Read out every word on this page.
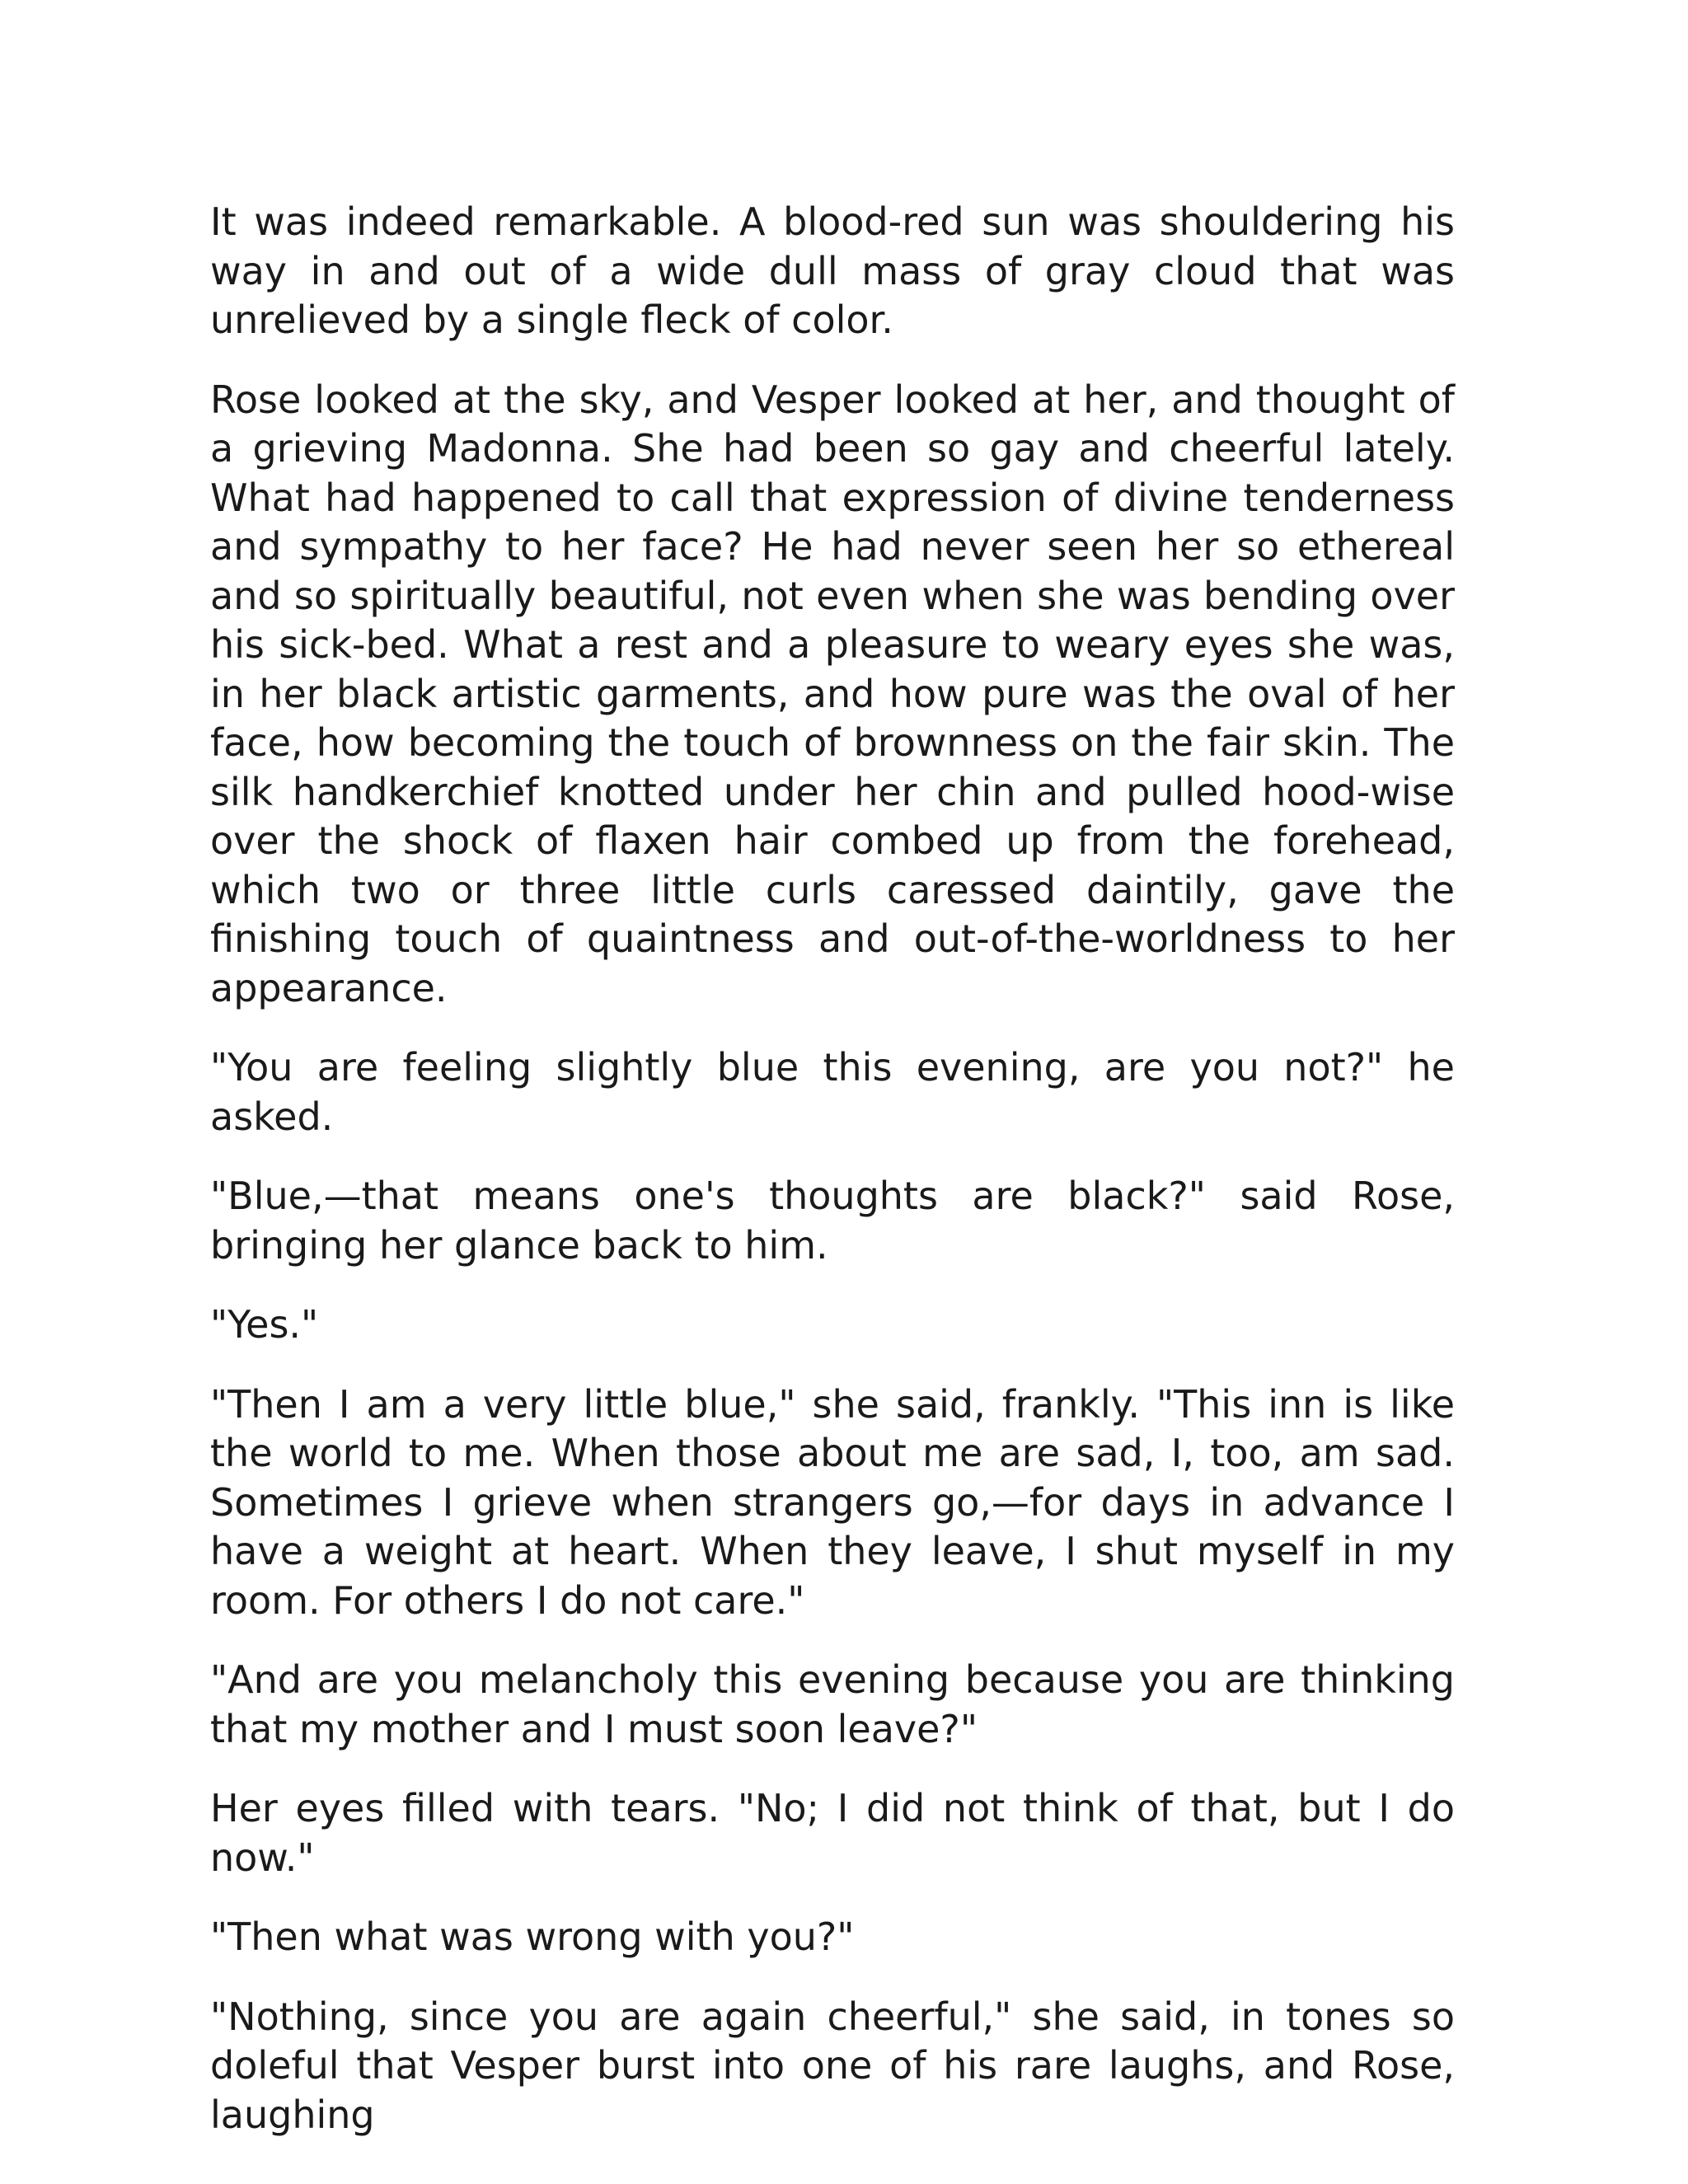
It was indeed remarkable. A blood-red sun was shouldering his way in and out of a wide dull mass of gray cloud that was unrelieved by a single fleck of color.

Rose looked at the sky, and Vesper looked at her, and thought of a grieving Madonna. She had been so gay and cheerful lately. What had happened to call that expression of divine tenderness and sympathy to her face? He had never seen her so ethereal and so spiritually beautiful, not even when she was bending over his sick-bed. What a rest and a pleasure to weary eyes she was, in her black artistic garments, and how pure was the oval of her face, how becoming the touch of brownness on the fair skin. The silk handkerchief knotted under her chin and pulled hood-wise over the shock of flaxen hair combed up from the forehead, which two or three little curls caressed daintily, gave the finishing touch of quaintness and out-of-the-worldness to her appearance.

"You are feeling slightly blue this evening, are you not?" he asked.

"Blue,—that means one's thoughts are black?" said Rose, bringing her glance back to him.

"Yes."

"Then I am a very little blue," she said, frankly. "This inn is like the world to me. When those about me are sad, I, too, am sad. Sometimes I grieve when strangers go,—for days in advance I have a weight at heart. When they leave, I shut myself in my room. For others I do not care."

"And are you melancholy this evening because you are thinking that my mother and I must soon leave?"

Her eyes filled with tears. "No; I did not think of that, but I do now."

"Then what was wrong with you?"

"Nothing, since you are again cheerful," she said, in tones so doleful that Vesper burst into one of his rare laughs, and Rose, laughing
